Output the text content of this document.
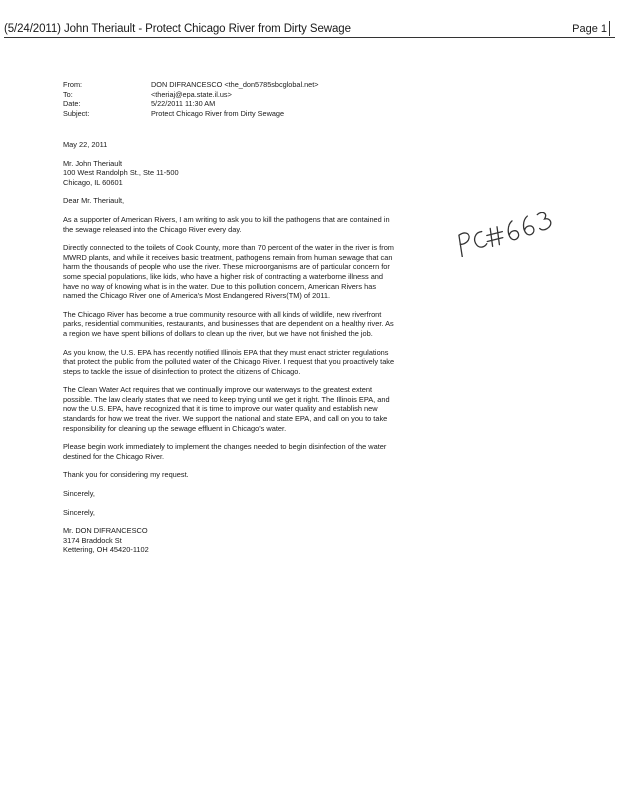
(5/24/2011) John Theriault - Protect Chicago River from Dirty Sewage	Page 1
From:	DON DIFRANCESCO <the_don5785sbcglobal.net>
To:	<theriaj@epa.state.il.us>
Date:	5/22/2011 11:30 AM
Subject:	Protect Chicago River from Dirty Sewage

May 22, 2011

Mr. John Theriault
100 West Randolph St., Ste 11-500
Chicago, IL 60601

Dear Mr. Theriault,

As a supporter of American Rivers, I am writing to ask you to kill the pathogens that are contained in the sewage released into the Chicago River every day.

Directly connected to the toilets of Cook County, more than 70 percent of the water in the river is from MWRD plants, and while it receives basic treatment, pathogens remain from human sewage that can harm the thousands of people who use the river. These microorganisms are of particular concern for some special populations, like kids, who have a higher risk of contracting a waterborne illness and have no way of knowing what is in the water. Due to this pollution concern, American Rivers has named the Chicago River one of America's Most Endangered Rivers(TM) of 2011.

The Chicago River has become a true community resource with all kinds of wildlife, new riverfront parks, residential communities, restaurants, and businesses that are dependent on a healthy river. As a region we have spent billions of dollars to clean up the river, but we have not finished the job.

As you know, the U.S. EPA has recently notified Illinois EPA that they must enact stricter regulations that protect the public from the polluted water of the Chicago River. I request that you proactively take steps to tackle the issue of disinfection to protect the citizens of Chicago.

The Clean Water Act requires that we continually improve our waterways to the greatest extent possible. The law clearly states that we need to keep trying until we get it right. The Illinois EPA, and now the U.S. EPA, have recognized that it is time to improve our water quality and establish new standards for how we treat the river. We support the national and state EPA, and call on you to take responsibility for cleaning up the sewage effluent in Chicago's water.

Please begin work immediately to implement the changes needed to begin disinfection of the water destined for the Chicago River.

Thank you for considering my request.

Sincerely,

Sincerely,

Mr. DON DIFRANCESCO
3174 Braddock St
Kettering, OH 45420-1102
